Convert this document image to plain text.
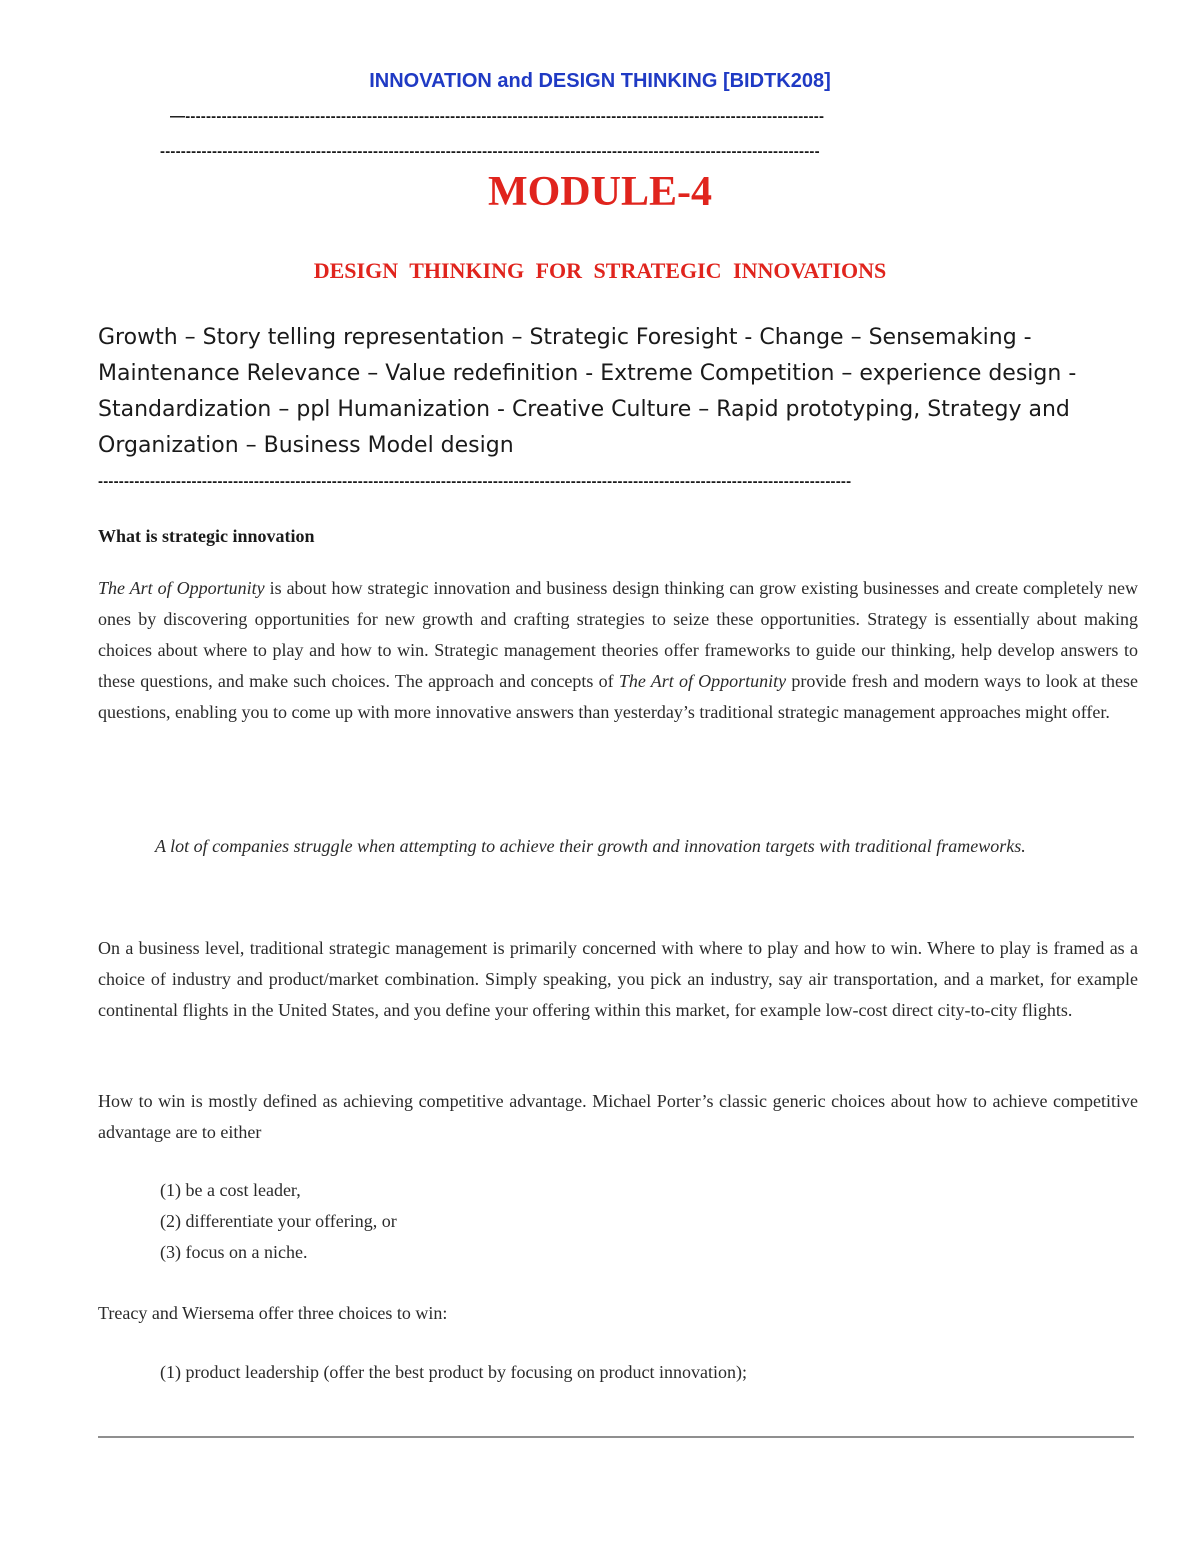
INNOVATION and DESIGN THINKING [BIDTK208]
—---------------------------------------------------------------------------------------------------------------------------
-------------------------------------------------------------------------------------------------------------------------------
MODULE-4
DESIGN THINKING FOR STRATEGIC INNOVATIONS
Growth – Story telling representation – Strategic Foresight - Change – Sensemaking - Maintenance Relevance – Value redefinition - Extreme Competition – experience design - Standardization – ppl Humanization - Creative Culture – Rapid prototyping, Strategy and Organization – Business Model design
-------------------------------------------------------------------------------------------------------------------------------------------------
What is strategic innovation
The Art of Opportunity is about how strategic innovation and business design thinking can grow existing businesses and create completely new ones by discovering opportunities for new growth and crafting strategies to seize these opportunities. Strategy is essentially about making choices about where to play and how to win. Strategic management theories offer frameworks to guide our thinking, help develop answers to these questions, and make such choices. The approach and concepts of The Art of Opportunity provide fresh and modern ways to look at these questions, enabling you to come up with more innovative answers than yesterday’s traditional strategic management approaches might offer.
A lot of companies struggle when attempting to achieve their growth and innovation targets with traditional frameworks.
On a business level, traditional strategic management is primarily concerned with where to play and how to win. Where to play is framed as a choice of industry and product/market combination. Simply speaking, you pick an industry, say air transportation, and a market, for example continental flights in the United States, and you define your offering within this market, for example low-cost direct city-to-city flights.
How to win is mostly defined as achieving competitive advantage. Michael Porter’s classic generic choices about how to achieve competitive advantage are to either
(1) be a cost leader,
(2) differentiate your offering, or
(3) focus on a niche.
Treacy and Wiersema offer three choices to win:
(1) product leadership (offer the best product by focusing on product innovation);
